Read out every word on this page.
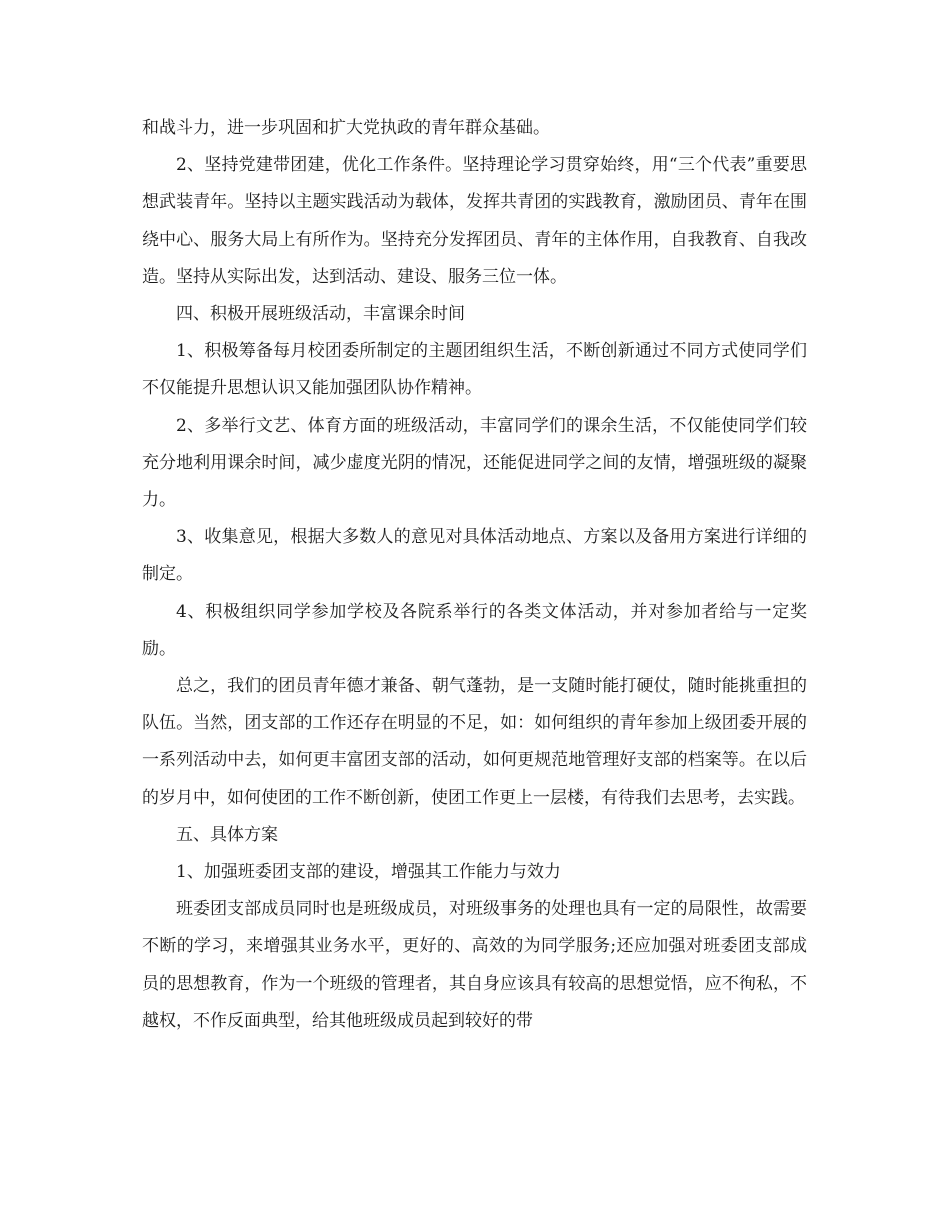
和战斗力，进一步巩固和扩大党执政的青年群众基础。

2、坚持党建带团建，优化工作条件。坚持理论学习贯穿始终，用“三个代表”重要思想武装青年。坚持以主题实践活动为载体，发挥共青团的实践教育，激励团员、青年在围绕中心、服务大局上有所作为。坚持充分发挥团员、青年的主体作用，自我教育、自我改造。坚持从实际出发，达到活动、建设、服务三位一体。

四、积极开展班级活动，丰富课余时间

1、积极筹备每月校团委所制定的主题团组织生活，不断创新通过不同方式使同学们不仅能提升思想认识又能加强团队协作精神。

2、多举行文艺、体育方面的班级活动，丰富同学们的课余生活，不仅能使同学们较充分地利用课余时间，减少虚度光阴的情况，还能促进同学之间的友情，增强班级的凝聚力。

3、收集意见，根据大多数人的意见对具体活动地点、方案以及备用方案进行详细的制定。

4、积极组织同学参加学校及各院系举行的各类文体活动，并对参加者给与一定奖励。

总之，我们的团员青年德才兼备、朝气蓬勃，是一支随时能打硬仗，随时能挑重担的队伍。当然，团支部的工作还存在明显的不足，如：如何组织的青年参加上级团委开展的一系列活动中去，如何更丰富团支部的活动，如何更规范地管理好支部的档案等。在以后的岁月中，如何使团的工作不断创新，使团工作更上一层楼，有待我们去思考，去实践。

五、具体方案

1、加强班委团支部的建设，增强其工作能力与效力

班委团支部成员同时也是班级成员，对班级事务的处理也具有一定的局限性，故需要不断的学习，来增强其业务水平，更好的、高效的为同学服务;还应加强对班委团支部成员的思想教育，作为一个班级的管理者，其自身应该具有较高的思想觉悟，应不徇私，不越权，不作反面典型，给其他班级成员起到较好的带
